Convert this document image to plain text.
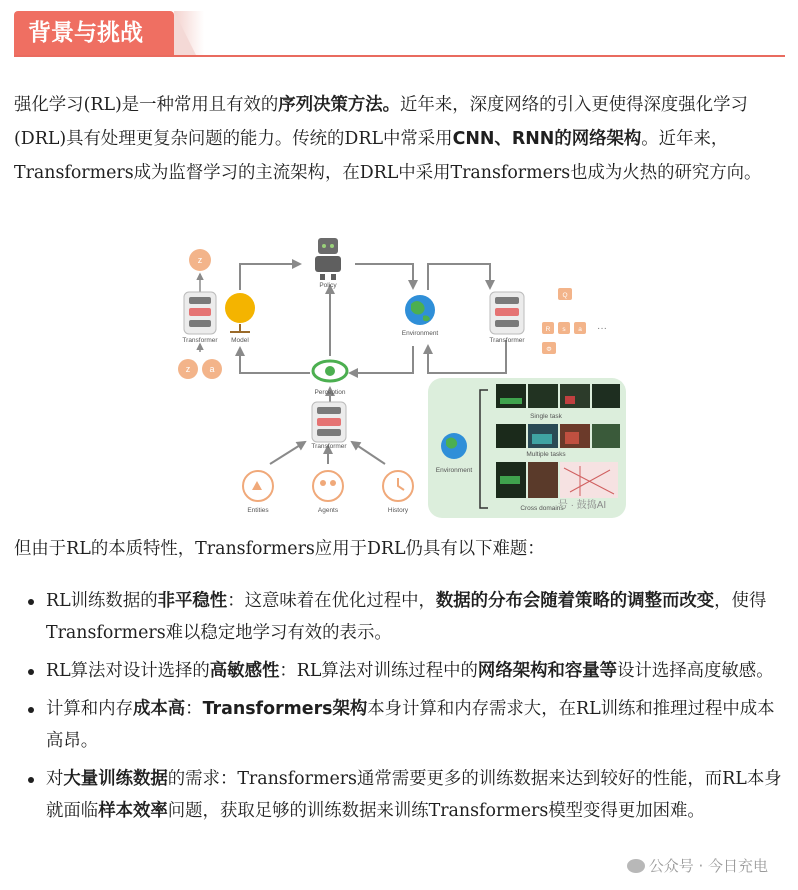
背景与挑战
强化学习(RL)是一种常用且有效的序列决策方法。近年来，深度网络的引入更使得深度强化学习(DRL)具有处理更复杂问题的能力。传统的DRL中常采用CNN、RNN的网络架构。近年来，Transformers成为监督学习的主流架构，在DRL中采用Transformers也成为火热的研究方向。
Policy
z
Transformer Model
z a
Environment
Transformer
Q
R s a ···
Φ
Perception
Transformer
Entities	Agents	History
Environment
Single task
Multiple tasks
Cross domains
号 · 鼓捣AI
但由于RL的本质特性，Transformers应用于DRL仍具有以下难题：
RL训练数据的非平稳性：这意味着在优化过程中，数据的分布会随着策略的调整而改变，使得Transformers难以稳定地学习有效的表示。
RL算法对设计选择的高敏感性：RL算法对训练过程中的网络架构和容量等设计选择高度敏感。
计算和内存成本高：Transformers架构本身计算和内存需求大，在RL训练和推理过程中成本高昂。
对大量训练数据的需求：Transformers通常需要更多的训练数据来达到较好的性能，而RL本身就面临样本效率问题，获取足够的训练数据来训练Transformers模型变得更加困难。
公众号 · 今日充电
